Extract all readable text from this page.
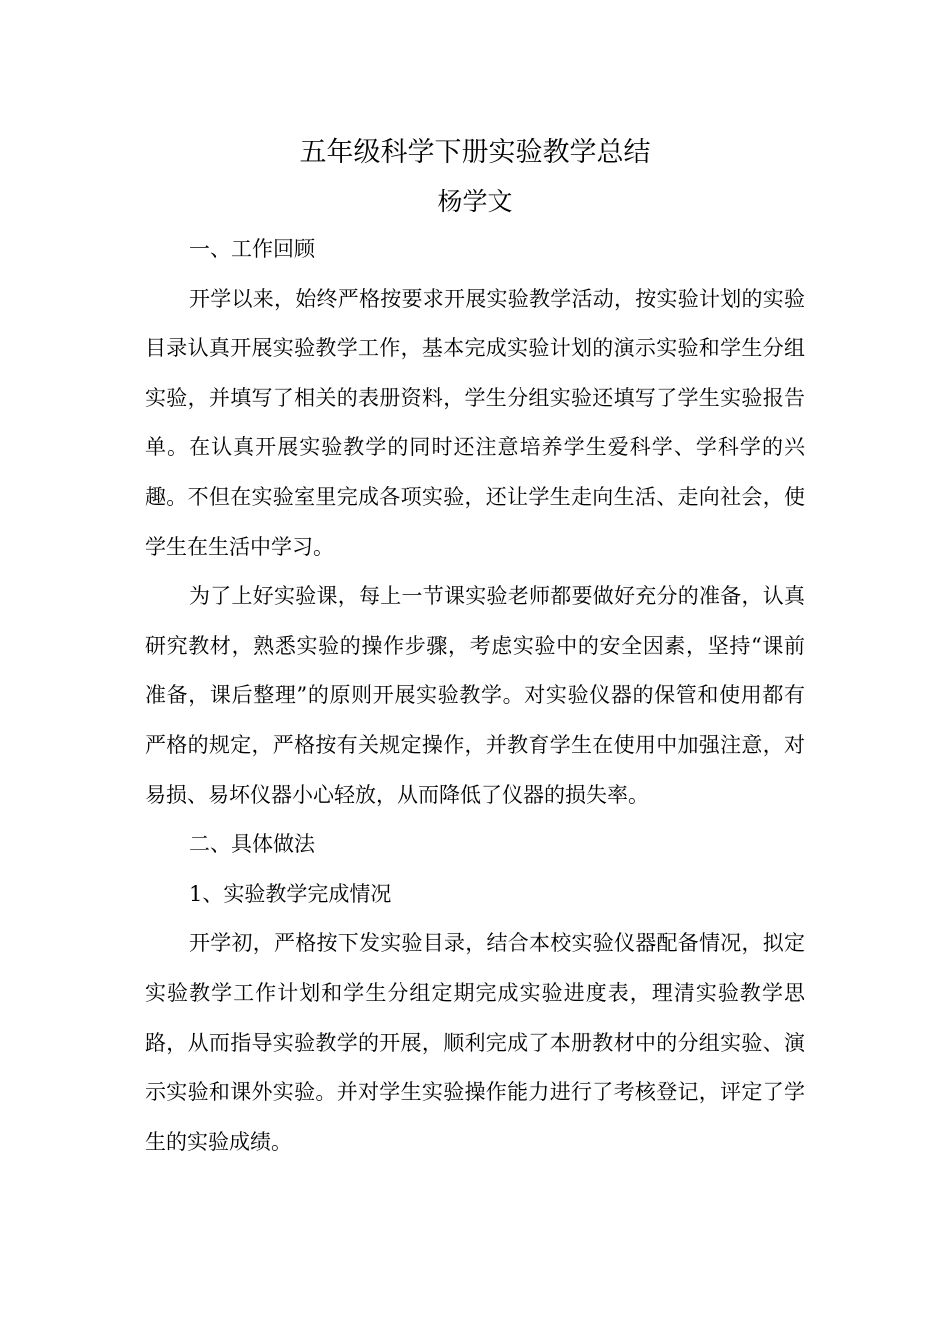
五年级科学下册实验教学总结
杨学文

一、工作回顾

开学以来，始终严格按要求开展实验教学活动，按实验计划的实验目录认真开展实验教学工作，基本完成实验计划的演示实验和学生分组实验，并填写了相关的表册资料，学生分组实验还填写了学生实验报告单。在认真开展实验教学的同时还注意培养学生爱科学、学科学的兴趣。不但在实验室里完成各项实验，还让学生走向生活、走向社会，使学生在生活中学习。

为了上好实验课，每上一节课实验老师都要做好充分的准备，认真研究教材，熟悉实验的操作步骤，考虑实验中的安全因素，坚持“课前准备，课后整理”的原则开展实验教学。对实验仪器的保管和使用都有严格的规定，严格按有关规定操作，并教育学生在使用中加强注意，对易损、易坏仪器小心轻放，从而降低了仪器的损失率。

二、具体做法

1、实验教学完成情况

开学初，严格按下发实验目录，结合本校实验仪器配备情况，拟定实验教学工作计划和学生分组定期完成实验进度表，理清实验教学思路，从而指导实验教学的开展，顺利完成了本册教材中的分组实验、演示实验和课外实验。并对学生实验操作能力进行了考核登记，评定了学生的实验成绩。
